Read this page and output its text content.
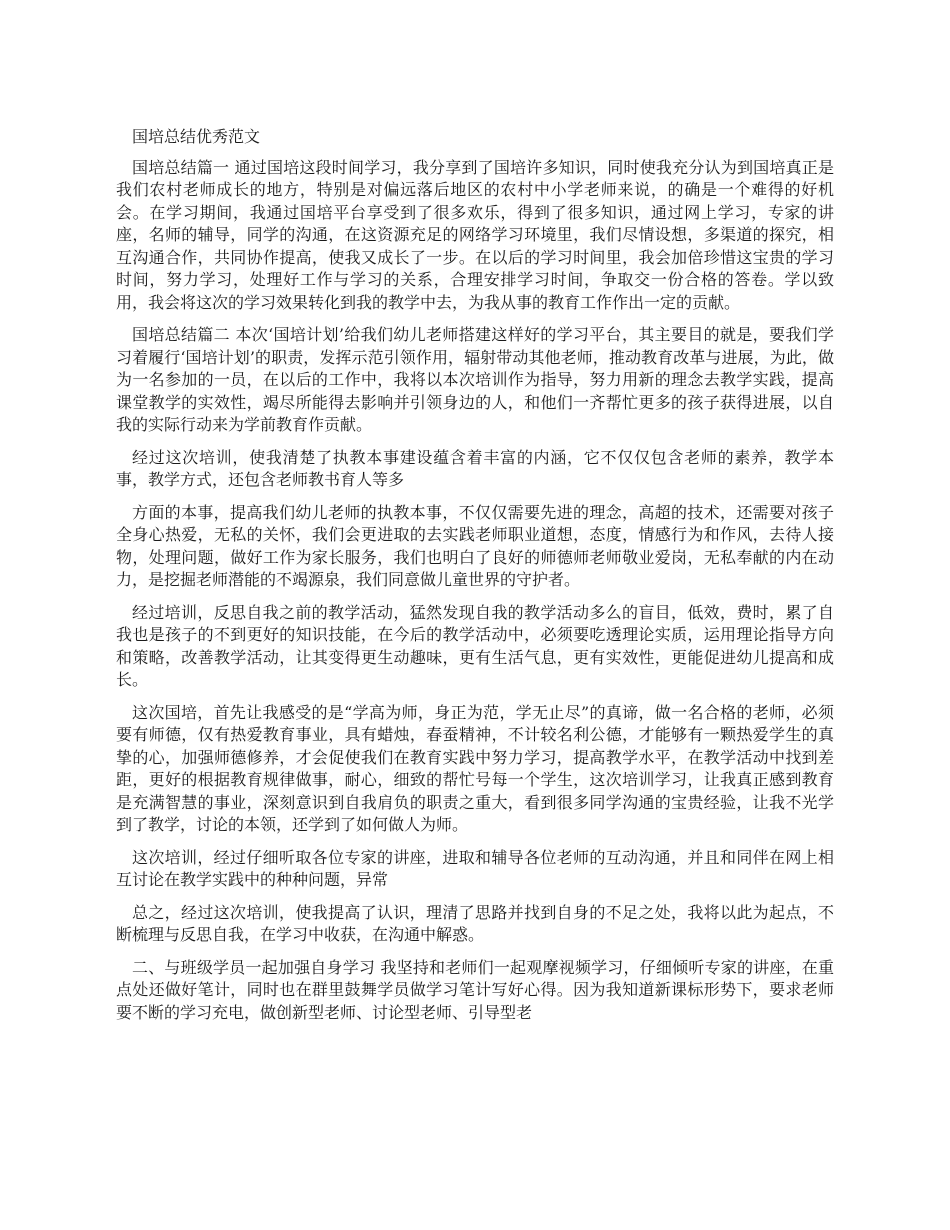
国培总结优秀范文

国培总结篇一 通过国培这段时间学习，我分享到了国培许多知识，同时使我充分认为到国培真正是我们农村老师成长的地方，特别是对偏远落后地区的农村中小学老师来说，的确是一个难得的好机会。在学习期间，我通过国培平台享受到了很多欢乐，得到了很多知识，通过网上学习，专家的讲座，名师的辅导，同学的沟通，在这资源充足的网络学习环境里，我们尽情设想，多渠道的探究，相互沟通合作，共同协作提高，使我又成长了一步。在以后的学习时间里，我会加倍珍惜这宝贵的学习时间，努力学习，处理好工作与学习的关系，合理安排学习时间，争取交一份合格的答卷。学以致用，我会将这次的学习效果转化到我的教学中去，为我从事的教育工作作出一定的贡献。

国培总结篇二 本次‘国培计划’给我们幼儿老师搭建这样好的学习平台，其主要目的就是，要我们学习着履行‘国培计划’的职责，发挥示范引领作用，辐射带动其他老师，推动教育改革与进展，为此，做为一名参加的一员，在以后的工作中，我将以本次培训作为指导，努力用新的理念去教学实践，提高课堂教学的实效性，竭尽所能得去影响并引领身边的人，和他们一齐帮忙更多的孩子获得进展，以自我的实际行动来为学前教育作贡献。

经过这次培训，使我清楚了执教本事建设蕴含着丰富的内涵，它不仅仅包含老师的素养，教学本事，教学方式，还包含老师教书育人等多

方面的本事，提高我们幼儿老师的执教本事，不仅仅需要先进的理念，高超的技术，还需要对孩子全身心热爱，无私的关怀，我们会更进取的去实践老师职业道想，态度，情感行为和作风，去待人接物，处理问题，做好工作为家长服务，我们也明白了良好的师德师老师敬业爱岗，无私奉献的内在动力，是挖掘老师潜能的不竭源泉，我们同意做儿童世界的守护者。

经过培训，反思自我之前的教学活动，猛然发现自我的教学活动多么的盲目，低效，费时，累了自我也是孩子的不到更好的知识技能，在今后的教学活动中，必须要吃透理论实质，运用理论指导方向和策略，改善教学活动，让其变得更生动趣味，更有生活气息，更有实效性，更能促进幼儿提高和成长。

这次国培，首先让我感受的是“学高为师，身正为范，学无止尽”的真谛，做一名合格的老师，必须要有师德，仅有热爱教育事业，具有蜡烛，春蚕精神，不计较名利公德，才能够有一颗热爱学生的真挚的心，加强师德修养，才会促使我们在教育实践中努力学习，提高教学水平，在教学活动中找到差距，更好的根据教育规律做事，耐心，细致的帮忙号每一个学生，这次培训学习，让我真正感到教育是充满智慧的事业，深刻意识到自我肩负的职责之重大，看到很多同学沟通的宝贵经验，让我不光学到了教学，讨论的本领，还学到了如何做人为师。

这次培训，经过仔细听取各位专家的讲座，进取和辅导各位老师的互动沟通，并且和同伴在网上相互讨论在教学实践中的种种问题，异常

总之，经过这次培训，使我提高了认识，理清了思路并找到自身的不足之处，我将以此为起点，不断梳理与反思自我，在学习中收获，在沟通中解惑。

二、与班级学员一起加强自身学习 我坚持和老师们一起观摩视频学习，仔细倾听专家的讲座，在重点处还做好笔计，同时也在群里鼓舞学员做学习笔计写好心得。因为我知道新课标形势下，要求老师要不断的学习充电，做创新型老师、讨论型老师、引导型老
